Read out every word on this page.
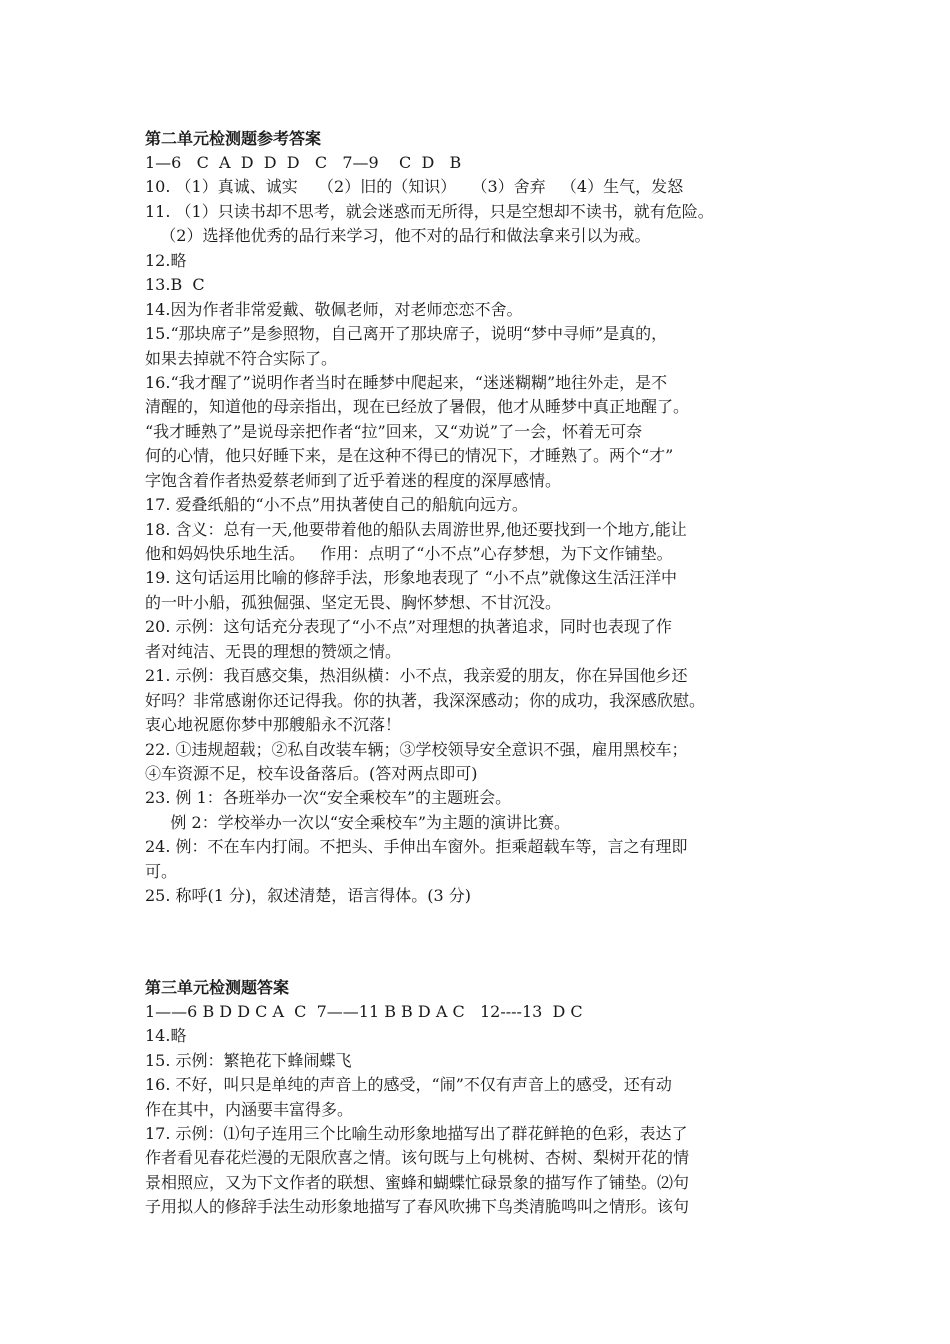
第二单元检测题参考答案
1—6   C  A  D  D  D   C   7—9    C  D   B
10. （1）真诚、诚实    （2）旧的（知识）   （3）舍弃   （4）生气，发怒
11. （1）只读书却不思考，就会迷惑而无所得，只是空想却不读书，就有危险。
（2）选择他优秀的品行来学习，他不对的品行和做法拿来引以为戒。
12.略
13.B  C
14.因为作者非常爱戴、敬佩老师，对老师恋恋不舍。
15.“那块席子”是参照物，自己离开了那块席子，说明“梦中寻师”是真的，
如果去掉就不符合实际了。
16.“我才醒了”说明作者当时在睡梦中爬起来，“迷迷糊糊”地往外走，是不
清醒的，知道他的母亲指出，现在已经放了暑假，他才从睡梦中真正地醒了。
“我才睡熟了”是说母亲把作者“拉”回来，又“劝说”了一会，怀着无可奈
何的心情，他只好睡下来，是在这种不得已的情况下，才睡熟了。两个“才”
字饱含着作者热爱蔡老师到了近乎着迷的程度的深厚感情。
17. 爱叠纸船的“小不点”用执著使自己的船航向远方。
18. 含义：总有一天,他要带着他的船队去周游世界,他还要找到一个地方,能让
他和妈妈快乐地生活。   作用：点明了“小不点”心存梦想，为下文作铺垫。
19. 这句话运用比喻的修辞手法，形象地表现了 “小不点”就像这生活汪洋中
的一叶小船，孤独倔强、坚定无畏、胸怀梦想、不甘沉没。
20. 示例：这句话充分表现了“小不点”对理想的执著追求，同时也表现了作
者对纯洁、无畏的理想的赞颂之情。
21. 示例：我百感交集，热泪纵横：小不点，我亲爱的朋友，你在异国他乡还
好吗？非常感谢你还记得我。你的执著，我深深感动；你的成功，我深感欣慰。
衷心地祝愿你梦中那艘船永不沉落！
22. ①违规超载；②私自改装车辆；③学校领导安全意识不强，雇用黑校车；
④车资源不足，校车设备落后。(答对两点即可)
23. 例 1：各班举办一次“安全乘校车”的主题班会。
例 2：学校举办一次以“安全乘校车”为主题的演讲比赛。
24. 例：不在车内打闹。不把头、手伸出车窗外。拒乘超载车等，言之有理即
可。
25. 称呼(1 分)，叙述清楚，语言得体。(3 分)
第三单元检测题答案
1——6 B D D C A  C  7——11 B B D A C   12----13  D C
14.略
15. 示例：繁艳花下蜂闹蝶飞
16. 不好，叫只是单纯的声音上的感受，“闹”不仅有声音上的感受，还有动
作在其中，内涵要丰富得多。
17. 示例：⑴句子连用三个比喻生动形象地描写出了群花鲜艳的色彩，表达了
作者看见春花烂漫的无限欣喜之情。该句既与上句桃树、杏树、梨树开花的情
景相照应，又为下文作者的联想、蜜蜂和蝴蝶忙碌景象的描写作了铺垫。⑵句
子用拟人的修辞手法生动形象地描写了春风吹拂下鸟类清脆鸣叫之情形。该句
